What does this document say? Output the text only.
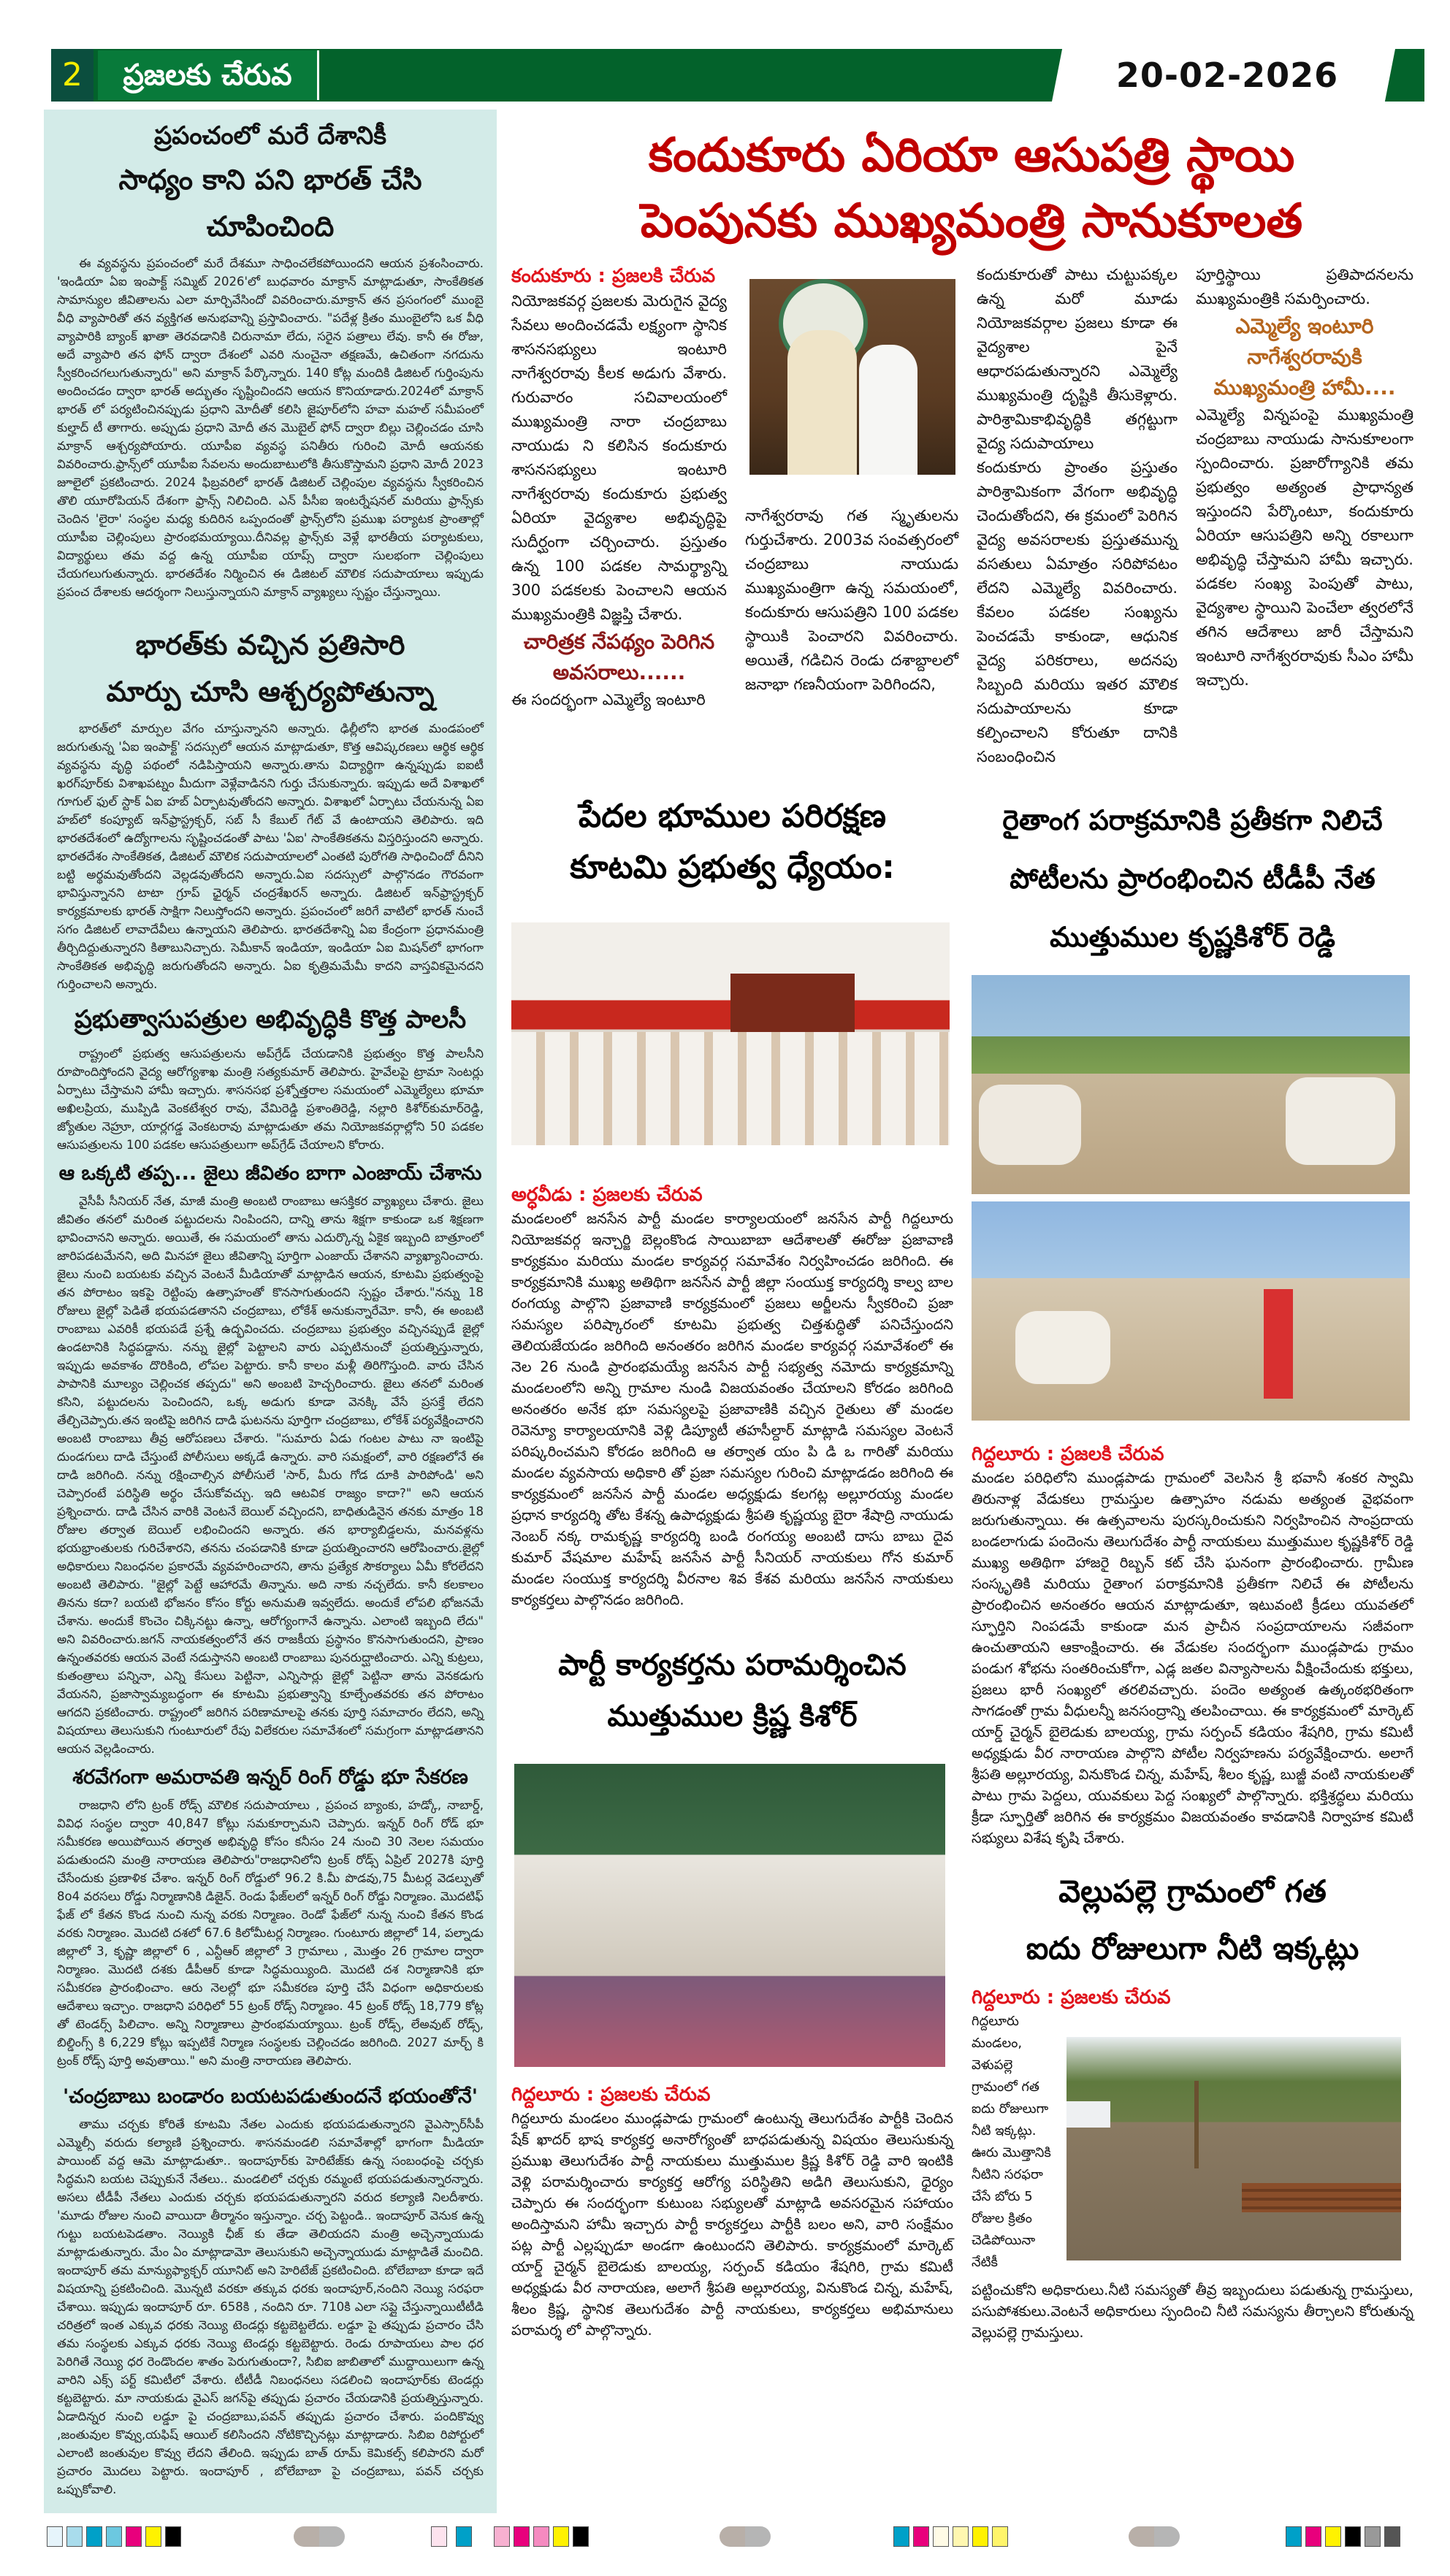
2	ప్రజలకు చేరువ	20-02-2026

ప్రపంచంలో మరే దేశానికీ

సాధ్యం కాని పని భారత్ చేసి చూపించింది

ఈ వ్యవస్థను ప్రపంచంలో మరే దేశమూ సాధించలేకపోయిందని ఆయన ప్రశంసించారు. 'ఇండియా ఏఐ ఇంపాక్ట్ సమ్మిట్ 2026'లో బుధవారం మాక్రాన్ మాట్లాడుతూ, సాంకేతికత సామాన్యుల జీవితాలను ఎలా మార్చివేసిందో వివరించారు.మాక్రాన్ తన ప్రసంగంలో ముంబై వీధి వ్యాపారితో తన వ్యక్తిగత అనుభవాన్ని ప్రస్తావించారు. "పదేళ్ల క్రితం ముంబైలోని ఒక వీధి వ్యాపారికి బ్యాంక్ ఖాతా తెరవడానికి చిరునామా లేదు, సరైన పత్రాలు లేవు. కానీ ఈ రోజు, అదే వ్యాపారి తన ఫోన్ ద్వారా దేశంలో ఎవరి నుంచైనా తక్షణమే, ఉచితంగా నగదును స్వీకరించగలుగుతున్నారు" అని మాక్రాన్ పేర్కొన్నారు. 140 కోట్ల మందికి డిజిటల్ గుర్తింపును అందించడం ద్వారా భారత్ అద్భుతం సృష్టించిందని ఆయన కొనియాడారు.2024లో మాక్రాన్ భారత్ లో పర్యటించినప్పుడు ప్రధాని మోదీతో కలిసి జైపూర్‌లోని హవా మహల్ సమీపంలో కుల్హాద్ టీ తాగారు. అప్పుడు ప్రధాని మోదీ తన మొబైల్ ఫోన్ ద్వారా బిల్లు చెల్లించడం చూసి మాక్రాన్ ఆశ్చర్యపోయారు. యూపీఐ వ్యవస్థ పనితీరు గురించి మోదీ ఆయనకు వివరించారు.ఫ్రాన్స్‌లో యూపీఐ సేవలను అందుబాటులోకి తీసుకొస్తామని ప్రధాని మోదీ 2023 జూలైలో ప్రకటించారు. 2024 ఫిబ్రవరిలో భారత్ డిజిటల్ చెల్లింపుల వ్యవస్థను స్వీకరించిన తొలి యూరోపియన్ దేశంగా ఫ్రాన్స్ నిలిచింది. ఎన్ పీసీఐ ఇంటర్నేషనల్ మరియు ఫ్రాన్స్‌కు చెందిన 'లైరా' సంస్థల మధ్య కుదిరిన ఒప్పందంతో ఫ్రాన్స్‌లోని ప్రముఖ పర్యాటక ప్రాంతాల్లో యూపీఐ చెల్లింపులు ప్రారంభమయ్యాయి.దీనివల్ల ఫ్రాన్స్‌కు వెళ్లే భారతీయ పర్యాటకులు, విద్యార్థులు తమ వద్ద ఉన్న యూపీఐ యాప్స్ ద్వారా సులభంగా చెల్లింపులు చేయగలుగుతున్నారు. భారతదేశం నిర్మించిన ఈ డిజిటల్ మౌలిక సదుపాయాలు ఇప్పుడు ప్రపంచ దేశాలకు ఆదర్శంగా నిలుస్తున్నాయని మాక్రాన్ వ్యాఖ్యలు స్పష్టం చేస్తున్నాయి.

భారత్‌కు వచ్చిన ప్రతిసారి

మార్పు చూసి ఆశ్చర్యపోతున్నా

భారత్‌లో మార్పుల వేగం చూస్తున్నానని అన్నారు. ఢిల్లీలోని భారత మండపంలో జరుగుతున్న 'ఏఐ ఇంపాక్ట్' సదస్సులో ఆయన మాట్లాడుతూ, కొత్త ఆవిష్కరణలు ఆర్థిక ఆర్థిక వ్యవస్థను వృద్ధి పథంలో నడిపిస్తాయని అన్నారు.తాను విద్యార్థిగా ఉన్నప్పుడు ఐఐటీ ఖరగ్‌పూర్‌కు విశాఖపట్నం మీదుగా వెళ్లేవాడినని గుర్తు చేసుకున్నారు. ఇప్పుడు అదే విశాఖలో గూగుల్ ఫుల్ స్టాక్ ఏఐ హబ్ ఏర్పాటవుతోందని అన్నారు. విశాఖలో ఏర్పాటు చేయనున్న ఏఐ హబ్‌లో కంప్యూట్ ఇన్‌ఫ్రాస్ట్రక్చర్, సబ్ సీ కేబుల్ గేట్ వే ఉంటాయని తెలిపారు. ఇది భారతదేశంలో ఉద్యోగాలను సృష్టించడంతో పాటు 'ఏఐ' సాంకేతికతను విస్తరిస్తుందని అన్నారు. భారతదేశం సాంకేతికత, డిజిటల్ మౌలిక సదుపాయాలలో ఎంతటి పురోగతి సాధించిందో దీనిని బట్టి అర్థమవుతోందని వెల్లడవుతోందని అన్నారు.ఏఐ సదస్సులో పాల్గొనడం గౌరవంగా భావిస్తున్నానని టాటా గ్రూప్ ఛైర్మన్ చంద్రశేఖరన్ అన్నారు. డిజిటల్ ఇన్‌ఫ్రాస్ట్రక్చర్ కార్యక్రమాలకు భారత్ సాక్షిగా నిలుస్తోందని అన్నారు. ప్రపంచంలో జరిగే వాటిలో భారత్ నుంచే సగం డిజిటల్ లావాదేవీలు ఉన్నాయని తెలిపారు. భారతదేశాన్ని ఏఐ కేంద్రంగా ప్రధానమంత్రి తీర్చిదిద్దుతున్నారని కితాబునిచ్చారు. సెమీకాన్ ఇండియా, ఇండియా ఏఐ మిషన్‌లో భాగంగా సాంకేతికత అభివృద్ధి జరుగుతోందని అన్నారు. ఏఐ కృత్రిమమేమీ కాదని వాస్తవికమైనదని గుర్తించాలని అన్నారు.

ప్రభుత్వాసుపత్రుల అభివృద్ధికి కొత్త పాలసీ

రాష్ట్రంలో ప్రభుత్వ ఆసుపత్రులను అప్‌గ్రేడ్ చేయడానికి ప్రభుత్వం కొత్త పాలసీని రూపొందిస్తోందని వైద్య ఆరోగ్యశాఖ మంత్రి సత్యకుమార్ తెలిపారు. హైవేలపై ట్రామా సెంటర్లు ఏర్పాటు చేస్తామని హామీ ఇచ్చారు. శాసనసభ ప్రశ్నోత్తరాల సమయంలో ఎమ్మెల్యేలు భూమా అఖిలప్రియ, ముప్పిడి వెంకటేశ్వర రావు, వేమిరెడ్డి ప్రశాంతిరెడ్డి, నల్లారి కిశోర్‌కుమార్‌రెడ్డి, జ్యోతుల నెహ్రూ, యార్లగడ్డ వెంకటరావు మాట్లాడుతూ తమ నియోజకవర్గాల్లోని 50 పడకల ఆసుపత్రులను 100 పడకల ఆసుపత్రులుగా అప్‌గ్రేడ్ చేయాలని కోరారు.

ఆ ఒక్కటి తప్ప... జైలు జీవితం బాగా ఎంజాయ్ చేశాను

వైసీపీ సీనియర్ నేత, మాజీ మంత్రి అంబటి రాంబాబు ఆసక్తికర వ్యాఖ్యలు చేశారు. జైలు జీవితం తనలో మరింత పట్టుదలను నింపిందని, దాన్ని తాను శిక్షగా కాకుండా ఒక శిక్షణగా భావించానని అన్నారు. అయితే, ఈ సమయంలో తాను ఎదుర్కొన్న ఏకైక ఇబ్బంది బాత్రూంలో జారిపడటమేనని, అది మినహా జైలు జీవితాన్ని పూర్తిగా ఎంజాయ్ చేశానని వ్యాఖ్యానించారు. జైలు నుంచి బయటకు వచ్చిన వెంటనే మీడియాతో మాట్లాడిన ఆయన, కూటమి ప్రభుత్వంపై తన పోరాటం ఇకపై రెట్టింపు ఉత్సాహంతో కొనసాగుతుందని స్పష్టం చేశారు."నన్ను 18 రోజులు జైల్లో పెడితే భయపడతానని చంద్రబాబు, లోకేశ్ అనుకున్నారేమో. కానీ, ఈ అంబటి రాంబాబు ఎవరికీ భయపడే ప్రశ్నే ఉద్భవించదు. చంద్రబాబు ప్రభుత్వం వచ్చినప్పుడే జైల్లో ఉండటానికి సిద్ధపడ్డాను. నన్ను జైల్లో పెట్టాలని వారు ఎప్పటినుంచో ప్రయత్నిస్తున్నారు, ఇప్పుడు అవకాశం దొరికింది, లోపల పెట్టారు. కానీ కాలం మళ్లీ తిరిగొస్తుంది. వారు చేసిన పాపానికి మూల్యం చెల్లించక తప్పదు" అని అంబటి హెచ్చరించారు. జైలు తనలో మరింత కసిని, పట్టుదలను పెంచిందని, ఒక్క అడుగు కూడా వెనక్కి వేసే ప్రసక్తే లేదని తేల్చిచెప్పారు.తన ఇంటిపై జరిగిన దాడి ఘటనను పూర్తిగా చంద్రబాబు, లోకేశ్ పర్యవేక్షించారని అంబటి రాంబాబు తీవ్ర ఆరోపణలు చేశారు. "సుమారు ఏడు గంటల పాటు నా ఇంటిపై దుండగులు దాడి చేస్తుంటే పోలీసులు అక్కడే ఉన్నారు. వారి సమక్షంలో, వారి రక్షణలోనే ఈ దాడి జరిగింది. నన్ను రక్షించాల్సిన పోలీసులే 'సార్, మీరు గోడ దూకి పారిపోండి' అని చెప్పారంటే పరిస్థితి అర్థం చేసుకోవచ్చు. ఇది ఆటవిక రాజ్యం కాదా?" అని ఆయన ప్రశ్నించారు. దాడి చేసిన వారికి వెంటనే బెయిల్ వచ్చిందని, బాధితుడినైన తనకు మాత్రం 18 రోజుల తర్వాత బెయిల్ లభించిందని అన్నారు. తన భార్యాబిడ్డలను, మనవళ్లను భయభ్రాంతులకు గురిచేశారని, తనను చంపడానికి కూడా ప్రయత్నించారని ఆరోపించారు.జైల్లో అధికారులు నిబంధనల ప్రకారమే వ్యవహరించారని, తాను ప్రత్యేక సౌకర్యాలు ఏమీ కోరలేదని అంబటి తెలిపారు. "జైల్లో పెట్టే ఆహారమే తిన్నాను. అది నాకు నచ్చలేదు. కానీ కలకాలం తినను కదా? బయటి భోజనం కోసం కోర్టు అనుమతి ఇవ్వలేదు. అందుకే లోపలి భోజనమే చేశాను. అందుకే కొంచెం చిక్కినట్టు ఉన్నా, ఆరోగ్యంగానే ఉన్నాను. ఎలాంటి ఇబ్బంది లేదు" అని వివరించారు.జగన్ నాయకత్వంలోనే తన రాజకీయ ప్రస్థానం కొనసాగుతుందని, ప్రాణం ఉన్నంతవరకు ఆయన వెంటే నడుస్తానని అంబటి రాంబాబు పునరుద్ఘాటించారు. ఎన్ని కుట్రలు, కుతంత్రాలు పన్నినా, ఎన్ని కేసులు పెట్టినా, ఎన్నిసార్లు జైల్లో పెట్టినా తాను వెనకడుగు వేయనని, ప్రజాస్వామ్యబద్ధంగా ఈ కూటమి ప్రభుత్వాన్ని కూల్చేంతవరకు తన పోరాటం ఆగదని ప్రకటించారు. రాష్ట్రంలో జరిగిన పరిణామాలపై తనకు పూర్తి సమాచారం లేదని, అన్ని విషయాలు తెలుసుకుని గుంటూరులో రేపు విలేకరుల సమావేశంలో సమగ్రంగా మాట్లాడతానని ఆయన వెల్లడించారు.

శరవేగంగా అమరావతి ఇన్నర్ రింగ్ రోడ్డు భూ సేకరణ

రాజధాని లోని ట్రంక్ రోడ్స్ మౌలిక సదుపాయాలు , ప్రపంచ బ్యాంకు, హడ్కో, నాబార్డ్, వివిధ సంస్థల ద్వారా 40,847 కోట్లు సమకూర్చామని చెప్పారు. ఇన్నర్ రింగ్ రోడ్ భూ సమీకరణ అయిపోయిన తర్వాత అభివృద్ధి కోసం కనీసం 24 నుంచి 30 నెలల సమయం పడుతుందని మంత్రి నారాయణ తెలిపారు"రాజధానిలోని ట్రంక్ రోడ్స్ ఏప్రిల్ 2027కి పూర్తి చేసేందుకు ప్రణాళిక చేశాం. ఇన్నర్ రింగ్ రోడ్డులో 96.2 కి.మీ పొడవు,75 మీటర్ల వెడల్పుతో 8o4 వరసలు రోడ్డు నిర్మాణానికి డిజైన్. రెండు ఫేజ్‌లలో ఇన్నర్ రింగ్ రోడ్డు నిర్మాణం. మొదటిఫ్ ఫేజ్ లో కేతన కొండ నుంచి నున్న వరకు నిర్మాణం. రెండో ఫేజ్‌లో నున్న నుంచి కేతన కొండ వరకు నిర్మాణం. మొదటి దశలో 67.6 కిలోమీటర్ల నిర్మాణం. గుంటూరు జిల్లాలో 14, పల్నాడు జిల్లాలో 3, కృష్ణా జిల్లాలో 6 , ఎన్టీఆర్ జిల్లాలో 3 గ్రామాలు , మొత్తం 26 గ్రామాల ద్వారా నిర్మాణం. మొదటి దశకు డీపీఆర్ కూడా సిద్ధమయ్యింది. మొదటి దశ నిర్మాణానికి భూ సమీకరణ ప్రారంభించాం. ఆరు నెలల్లో భూ సమీకరణ పూర్తి చేసే విధంగా అధికారులకు ఆదేశాలు ఇచ్చాం. రాజధాని పరిధిలో 55 ట్రంక్ రోడ్స్ నిర్మాణం. 45 ట్రంక్ రోడ్స్ 18,779 కోట్ల తో టెండర్స్ పిలిచాం. అన్ని నిర్మాణాలు ప్రారంభమయ్యాయి. ట్రంక్ రోడ్స్, లేఅవుట్ రోడ్స్, బిల్డింగ్స్ కి 6,229 కోట్లు ఇప్పటికే నిర్మాణ సంస్థలకు చెల్లించడం జరిగింది. 2027 మార్చ్ కి ట్రంక్ రోడ్స్ పూర్తి అవుతాయి." అని మంత్రి నారాయణ తెలిపారు.

'చంద్రబాబు బండారం బయటపడుతుందనే భయంతోనే'

తాము చర్చకు కోరితే కూటమి నేతల ఎందుకు భయపడుతున్నారని వైఎస్సార్‌సీపీ ఎమ్మెల్సీ వరుదు కల్యాణి ప్రశ్నించారు. శాసనమండలి సమావేశాల్లో భాగంగా మీడియా పాయింట్ వద్ద ఆమె మాట్లాడుతూ.. ఇందాపూర్‌కు హెరిటేజ్‌కు ఉన్న సంబంధంపై చర్చకు సిద్ధమని బయట చెప్పుకునే నేతలు.. మండలిలో చర్చకు రమ్మంటే భయపడుతున్నారన్నారు. అసలు టీడీపీ నేతలు ఎందుకు చర్చకు భయపడుతున్నారని వరుద కల్యాణి నిలదీశారు. 'మూడు రోజుల నుంచి వాయిదా తీర్మానం ఇస్తున్నాం. చర్చ పెట్టండి.. ఇందాపూర్ వెనుక ఉన్న గుట్టు బయటపెడతాం. నెయ్యికి ఛీజ్ కు తేడా తెలియదని మంత్రి అచ్చెన్నాయుడు మాట్లాడుతున్నారు. మేం ఏం మాట్లాడామో తెలుసుకుని అచ్చెన్నాయుడు మాట్లాడితే మంచిది. ఇందాపూర్ తమ మాన్యుఫ్యాక్చర్ యూనిట్ అని హెరిటేజ్ ప్రకటించింది. బోలేబాబా కూడా ఇదే విషయాన్ని ప్రకటించింది. మొన్నటి వరకూ తక్కువ ధరకు ఇందాపూర్,నందిని నెయ్యి సరఫరా చేశాయి. ఇప్పుడు ఇందాపూర్ రూ. 658కి , నందిని రూ. 710కి ఎలా సప్లై చేస్తున్నాయిటీటీడి చరిత్రలో ఇంత ఎక్కువ ధరకు నెయ్యి టెండర్లు కట్టబెట్టలేదు. లడ్డూ పై తప్పుడు ప్రచారం చేసి తమ సంస్థలకు ఎక్కువ ధరకు నెయ్యి టెండర్లు కట్టబెట్టారు. రెండు రూపాయలు పాల ధర పెరిగితే నెయ్యి ధర రెండొందల శాతం పెరుగుతుందా?, సిబిఐ జాబితాలో ముద్దాయిలుగా ఉన్న వారిని ఎక్స్ పర్ట్ కమిటీలో వేశారు. టీటీడీ నిబంధనలు సడలించి ఇందాపూర్‌కు టెండర్లు కట్టబెట్టారు. మా నాయకుడు వైఎస్ జగన్‌పై తప్పుడు ప్రచారం చేయడానికి ప్రయత్నిస్తున్నారు. ఏడాదిన్నర నుంచి లడ్డూ పై చంద్రబాబు,పవన్ తప్పుడు ప్రచారం చేశారు. పందికొవ్వు ,జంతువుల కొవ్వు,యఫిష్ ఆయిల్ కలిసిందని నోటికొచ్చినట్లు మాట్లాడారు. సిబిఐ రిపోర్టులో ఎలాంటి జంతువుల కొవ్వు లేదని తేలింది. ఇప్పుడు బాత్ రూమ్ కెమికల్స్ కలిపారని మరో ప్రచారం మొదలు పెట్టారు. ఇందాపూర్ , బోలేబాబా పై చంద్రబాబు, పవన్ చర్చకు ఒప్పుకోవాలి.

కందుకూరు ఏరియా ఆసుపత్రి స్థాయి
పెంపునకు ముఖ్యమంత్రి సానుకూలత
కందుకూరు : ప్రజలకి చేరువ

నియోజకవర్గ ప్రజలకు మెరుగైన వైద్య సేవలు అందించడమే లక్ష్యంగా స్థానిక శాసనసభ్యులు ఇంటూరి నాగేశ్వరరావు కీలక అడుగు వేశారు. గురువారం సచివాలయంలో ముఖ్యమంత్రి నారా చంద్రబాబు నాయుడు ని కలిసిన కందుకూరు శాసనసభ్యులు ఇంటూరి నాగేశ్వరరావు కందుకూరు ప్రభుత్వ ఏరియా వైద్యశాల అభివృద్ధిపై సుదీర్ఘంగా చర్చించారు. ప్రస్తుతం ఉన్న 100 పడకల సామర్థ్యాన్ని 300 పడకలకు పెంచాలని ఆయన ముఖ్యమంత్రికి విజ్ఞప్తి చేశారు.

చారిత్రక నేపథ్యం పెరిగిన అవసరాలు......

ఈ సందర్భంగా ఎమ్మెల్యే ఇంటూరి

నాగేశ్వరరావు గత స్మృతులను గుర్తుచేశారు. 2003వ సంవత్సరంలో చంద్రబాబు నాయుడు ముఖ్యమంత్రిగా ఉన్న సమయంలో, కందుకూరు ఆసుపత్రిని 100 పడకల స్థాయికి పెంచారని వివరించారు. అయితే, గడిచిన రెండు దశాబ్దాలలో జనాభా గణనీయంగా పెరిగిందని,

కందుకూరుతో పాటు చుట్టుపక్కల ఉన్న మరో మూడు నియోజకవర్గాల ప్రజలు కూడా ఈ వైద్యశాల పైనే ఆధారపడుతున్నారని ఎమ్మెల్యే ముఖ్యమంత్రి దృష్టికి తీసుకెళ్లారు. పారిశ్రామికాభివృద్ధికి తగ్గట్టుగా వైద్య సదుపాయాలు

కందుకూరు ప్రాంతం ప్రస్తుతం పారిశ్రామికంగా వేగంగా అభివృద్ధి చెందుతోందని, ఈ క్రమంలో పెరిగిన వైద్య అవసరాలకు ప్రస్తుతమున్న వసతులు ఏమాత్రం సరిపోవటం లేదని ఎమ్మెల్యే వివరించారు. కేవలం పడకల సంఖ్యను పెంచడమే కాకుండా, ఆధునిక వైద్య పరికరాలు, అదనపు సిబ్బంది మరియు ఇతర మౌలిక సదుపాయాలను కూడా కల్పించాలని కోరుతూ దానికి సంబంధించిన

పూర్తిస్థాయి ప్రతిపాదనలను ముఖ్యమంత్రికి సమర్పించారు.

ఎమ్మెల్యే ఇంటూరి నాగేశ్వరరావుకి ముఖ్యమంత్రి హామీ....

ఎమ్మెల్యే విన్నపంపై ముఖ్యమంత్రి చంద్రబాబు నాయుడు సానుకూలంగా స్పందించారు. ప్రజారోగ్యానికి తమ ప్రభుత్వం అత్యంత ప్రాధాన్యత ఇస్తుందని పేర్కొంటూ, కందుకూరు ఏరియా ఆసుపత్రిని అన్ని రకాలుగా అభివృద్ధి చేస్తామని హామీ ఇచ్చారు. పడకల సంఖ్య పెంపుతో పాటు, వైద్యశాల స్థాయిని పెంచేలా త్వరలోనే తగిన ఆదేశాలు జారీ చేస్తామని ఇంటూరి నాగేశ్వరరావుకు సీఎం హామీ ఇచ్చారు.

పేదల భూముల పరిరక్షణ
కూటమి ప్రభుత్వ ధ్యేయం:
అర్ధవీడు : ప్రజలకు చేరువ

మండలంలో జనసేన పార్టీ మండల కార్యాలయంలో జనసేన పార్టీ గిద్దలూరు నియోజకవర్గ ఇన్చార్జి బెల్లంకొండ సాయిబాబా ఆదేశాలతో ఈరోజు ప్రజావాణి కార్యక్రమం మరియు మండల కార్యవర్గ సమావేశం నిర్వహించడం జరిగింది. ఈ కార్యక్రమానికి ముఖ్య అతిథిగా జనసేన పార్టీ జిల్లా సంయుక్త కార్యదర్శి కాల్వ బాల రంగయ్య పాల్గొని ప్రజావాణి కార్యక్రమంలో ప్రజలు అర్జీలను స్వీకరించి ప్రజా సమస్యల పరిష్కారంలో కూటమి ప్రభుత్వ చిత్తశుద్ధితో పనిచేస్తుందని తెలియజేయడం జరిగింది అనంతరం జరిగిన మండల కార్యవర్గ సమావేశంలో ఈ నెల 26 నుండి ప్రారంభమయ్యే జనసేన పార్టీ సభ్యత్వ నమోదు కార్యక్రమాన్ని మండలంలోని అన్ని గ్రామాల నుండి విజయవంతం చేయాలని కోరడం జరిగింది అనంతరం అనేక భూ సమస్యలపై ప్రజావాణికి వచ్చిన రైతులు తో మండల రెవెన్యూ కార్యాలయానికి వెళ్లి డిప్యూటీ తహసీల్దార్ మాట్లాడి సమస్యల వెంటనే పరిష్కరించమని కోరడం జరిగింది ఆ తర్వాత యం పి డి ఒ గారితో మరియు మండల వ్యవసాయ అధికారి తో ప్రజా సమస్యల గురించి మాట్లాడడం జరిగింది ఈ కార్యక్రమంలో జనసేన పార్టీ మండల అధ్యక్షుడు కలగట్ల అల్లూరయ్య మండల ప్రధాన కార్యదర్శి తోట కేశన్న ఉపాధ్యక్షుడు శ్రీపతి కృష్ణయ్య బైరా శేషాద్రి నాయుడు నెంబర్ నక్క రామకృష్ణ కార్యదర్శి బండి రంగయ్య అంబటి దాసు బాబు దైవ కుమార్ వేషమాల మహేష్ జనసేన పార్టీ సీనియర్ నాయకులు గోన కుమార్ మండల సంయుక్త కార్యదర్శి వీరనాల శివ కేశవ మరియు జనసేన నాయకులు కార్యకర్తలు పాల్గొనడం జరిగింది.

పార్టీ కార్యకర్తను పరామర్శించిన
ముత్తుముల క్రిష్ణ కిశోర్
గిద్దలూరు : ప్రజలకు చేరువ

గిద్దలూరు మండలం ముండ్లపాడు గ్రామంలో ఉంటున్న తెలుగుదేశం పార్టీకి చెందిన షేక్ ఖాదర్ భాష కార్యకర్త అనారోగ్యంతో బాధపడుతున్న విషయం తెలుసుకున్న ప్రముఖ తెలుగుదేశం పార్టీ నాయకులు ముత్తుముల క్రిష్ణ కిశోర్ రెడ్డి వారి ఇంటికి వెళ్లి పరామర్శించారు కార్యకర్త ఆరోగ్య పరిస్థితిని అడిగి తెలుసుకుని, ధైర్యం చెప్పారు ఈ సందర్భంగా కుటుంబ సభ్యులతో మాట్లాడి అవసరమైన సహాయం అందిస్తామని హామీ ఇచ్చారు పార్టీ కార్యకర్తలు పార్టీకి బలం అని, వారి సంక్షేమం పట్ల పార్టీ ఎల్లప్పుడూ అండగా ఉంటుందని తెలిపారు. కార్యక్రమంలో మార్కెట్ యార్డ్ చైర్మన్ బైలెడుకు బాలయ్య, సర్పంచ్ కడియం శేషగిరి, గ్రామ కమిటీ అధ్యక్షుడు వీర నారాయణ, అలాగే శ్రీపతి అల్లూరయ్య, వినుకొండ చిన్న, మహేష్, శీలం క్రిష్ణ, స్థానిక తెలుగుదేశం పార్టీ నాయకులు, కార్యకర్తలు అభిమానులు పరామర్శ లో పాల్గొన్నారు.

రైతాంగ పరాక్రమానికి ప్రతీకగా నిలిచే
పోటీలను ప్రారంభించిన టీడీపీ నేత
ముత్తుముల కృష్ణకిశోర్ రెడ్డి
గిద్దలూరు : ప్రజలకి చేరువ

మండల పరిధిలోని ముండ్లపాడు గ్రామంలో వెలసిన శ్రీ భవానీ శంకర స్వామి తిరునాళ్ల వేడుకలు గ్రామస్తుల ఉత్సాహం నడుమ అత్యంత వైభవంగా జరుగుతున్నాయి. ఈ ఉత్సవాలను పురస్కరించుకుని నిర్వహించిన సాంప్రదాయ బండలాగుడు పందెంను తెలుగుదేశం పార్టీ నాయకులు ముత్తుముల కృష్ణకిశోర్ రెడ్డి ముఖ్య అతిథిగా హాజరై రిబ్బన్ కట్ చేసి ఘనంగా ప్రారంభించారు. గ్రామీణ సంస్కృతికి మరియు రైతాంగ పరాక్రమానికి ప్రతీకగా నిలిచే ఈ పోటీలను ప్రారంభించిన అనంతరం ఆయన మాట్లాడుతూ, ఇటువంటి క్రీడలు యువతలో స్ఫూర్తిని నింపడమే కాకుండా మన ప్రాచీన సంప్రదాయాలను సజీవంగా ఉంచుతాయని ఆకాంక్షించారు. ఈ వేడుకల సందర్భంగా ముండ్లపాడు గ్రామం పండుగ శోభను సంతరించుకోగా, ఎడ్ల జతల విన్యాసాలను వీక్షించేందుకు భక్తులు, ప్రజలు భారీ సంఖ్యలో తరలివచ్చారు. పందెం అత్యంత ఉత్కంఠభరితంగా సాగడంతో గ్రామ వీధులన్నీ జనసంద్రాన్ని తలపించాయి. ఈ కార్యక్రమంలో మార్కెట్ యార్డ్ చైర్మన్ బైలెడుకు బాలయ్య, గ్రామ సర్పంచ్ కడియం శేషగిరి, గ్రామ కమిటీ అధ్యక్షుడు వీర నారాయణ పాల్గొని పోటీల నిర్వహణను పర్యవేక్షించారు. అలాగే శ్రీపతి అల్లూరయ్య, వినుకొండ చిన్న, మహేష్, శీలం కృష్ణ, బుజ్జీ వంటి నాయకులతో పాటు గ్రామ పెద్దలు, యువకులు పెద్ద సంఖ్యలో పాల్గొన్నారు. భక్తిశ్రద్ధలు మరియు క్రీడా స్ఫూర్తితో జరిగిన ఈ కార్యక్రమం విజయవంతం కావడానికి నిర్వాహక కమిటీ సభ్యులు విశేష కృషి చేశారు.

వెల్లుపల్లె గ్రామంలో గత
ఐదు రోజులుగా నీటి ఇక్కట్లు
గిద్దలూరు : ప్రజలకు చేరువ

గిద్దలూరు మండలం, వెళుపల్లె గ్రామంలో గత ఐదు రోజులుగా నీటి ఇక్కట్లు. ఊరు మొత్తానికి నీటిని సరఫరా చేసే బోరు 5 రోజుల క్రితం చెడిపోయినా నేటికీ

పట్టించుకోని అధికారులు.నీటి సమస్యతో తీవ్ర ఇబ్బందులు పడుతున్న గ్రామస్తులు, పసుపోశకులు.వెంటనే అధికారులు స్పందించి నీటి సమస్యను తీర్చాలని కోరుతున్న వెల్లుపల్లె గ్రామస్తులు.
